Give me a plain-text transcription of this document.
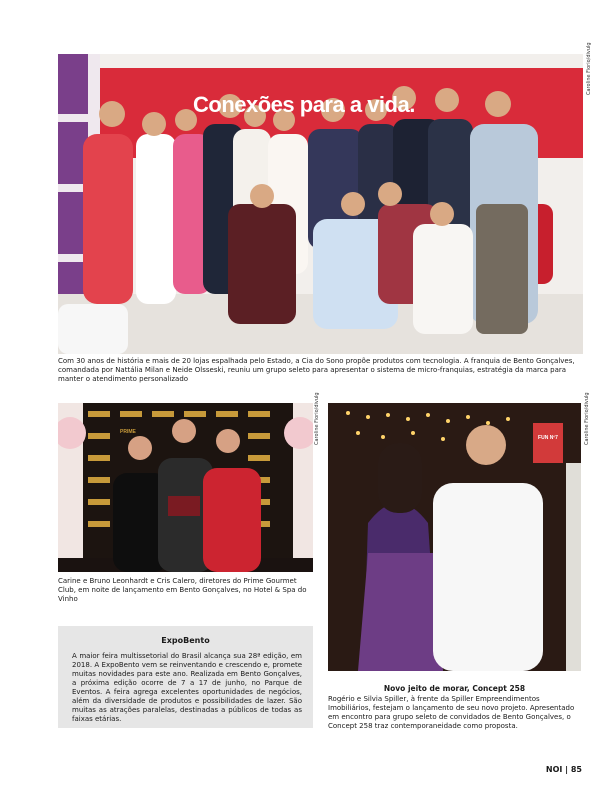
Conexões para a vida.
Caroline Fiorio/divulg

Com 30 anos de história e mais de 20 lojas espalhada pelo Estado, a Cia do Sono propõe produtos com tecnologia. A franquia de Bento Gonçalves, comandada por Nattália Milan e Neide Olsseski, reuniu um grupo seleto para apresentar o sistema de micro-franquias, estratégia da marca para manter o atendimento personalizado

PRIME	Caroline Fiorio/divulg

Carine e Bruno Leonhardt e Cris Calero, diretores do Prime Gourmet Club, em noite de lançamento em Bento Gonçalves, no Hotel & Spa do Vinho

ExpoBento

A maior feira multissetorial do Brasil alcança sua 28ª edição, em 2018. A ExpoBento vem se reinventando e crescendo e, promete muitas novidades para este ano. Realizada em Bento Gonçalves, a próxima edição ocorre de 7 a 17 de junho, no Parque de Eventos. A feira agrega excelentes oportunidades de negócios, além da diversidade de produtos e possibilidades de lazer. São muitas as atrações paralelas, destinadas a públicos de todas as faixas etárias.

FUN Nº7	Caroline Fiorio/divulg
Novo jeito de morar, Concept 258

Rogério e Silvia Spiller, à frente da Spiller Empreendimentos Imobiliários, festejam o lançamento de seu novo projeto. Apresentado em encontro para grupo seleto de convidados de Bento Gonçalves, o Concept 258 traz contemporaneidade como proposta.

NOI | 85
